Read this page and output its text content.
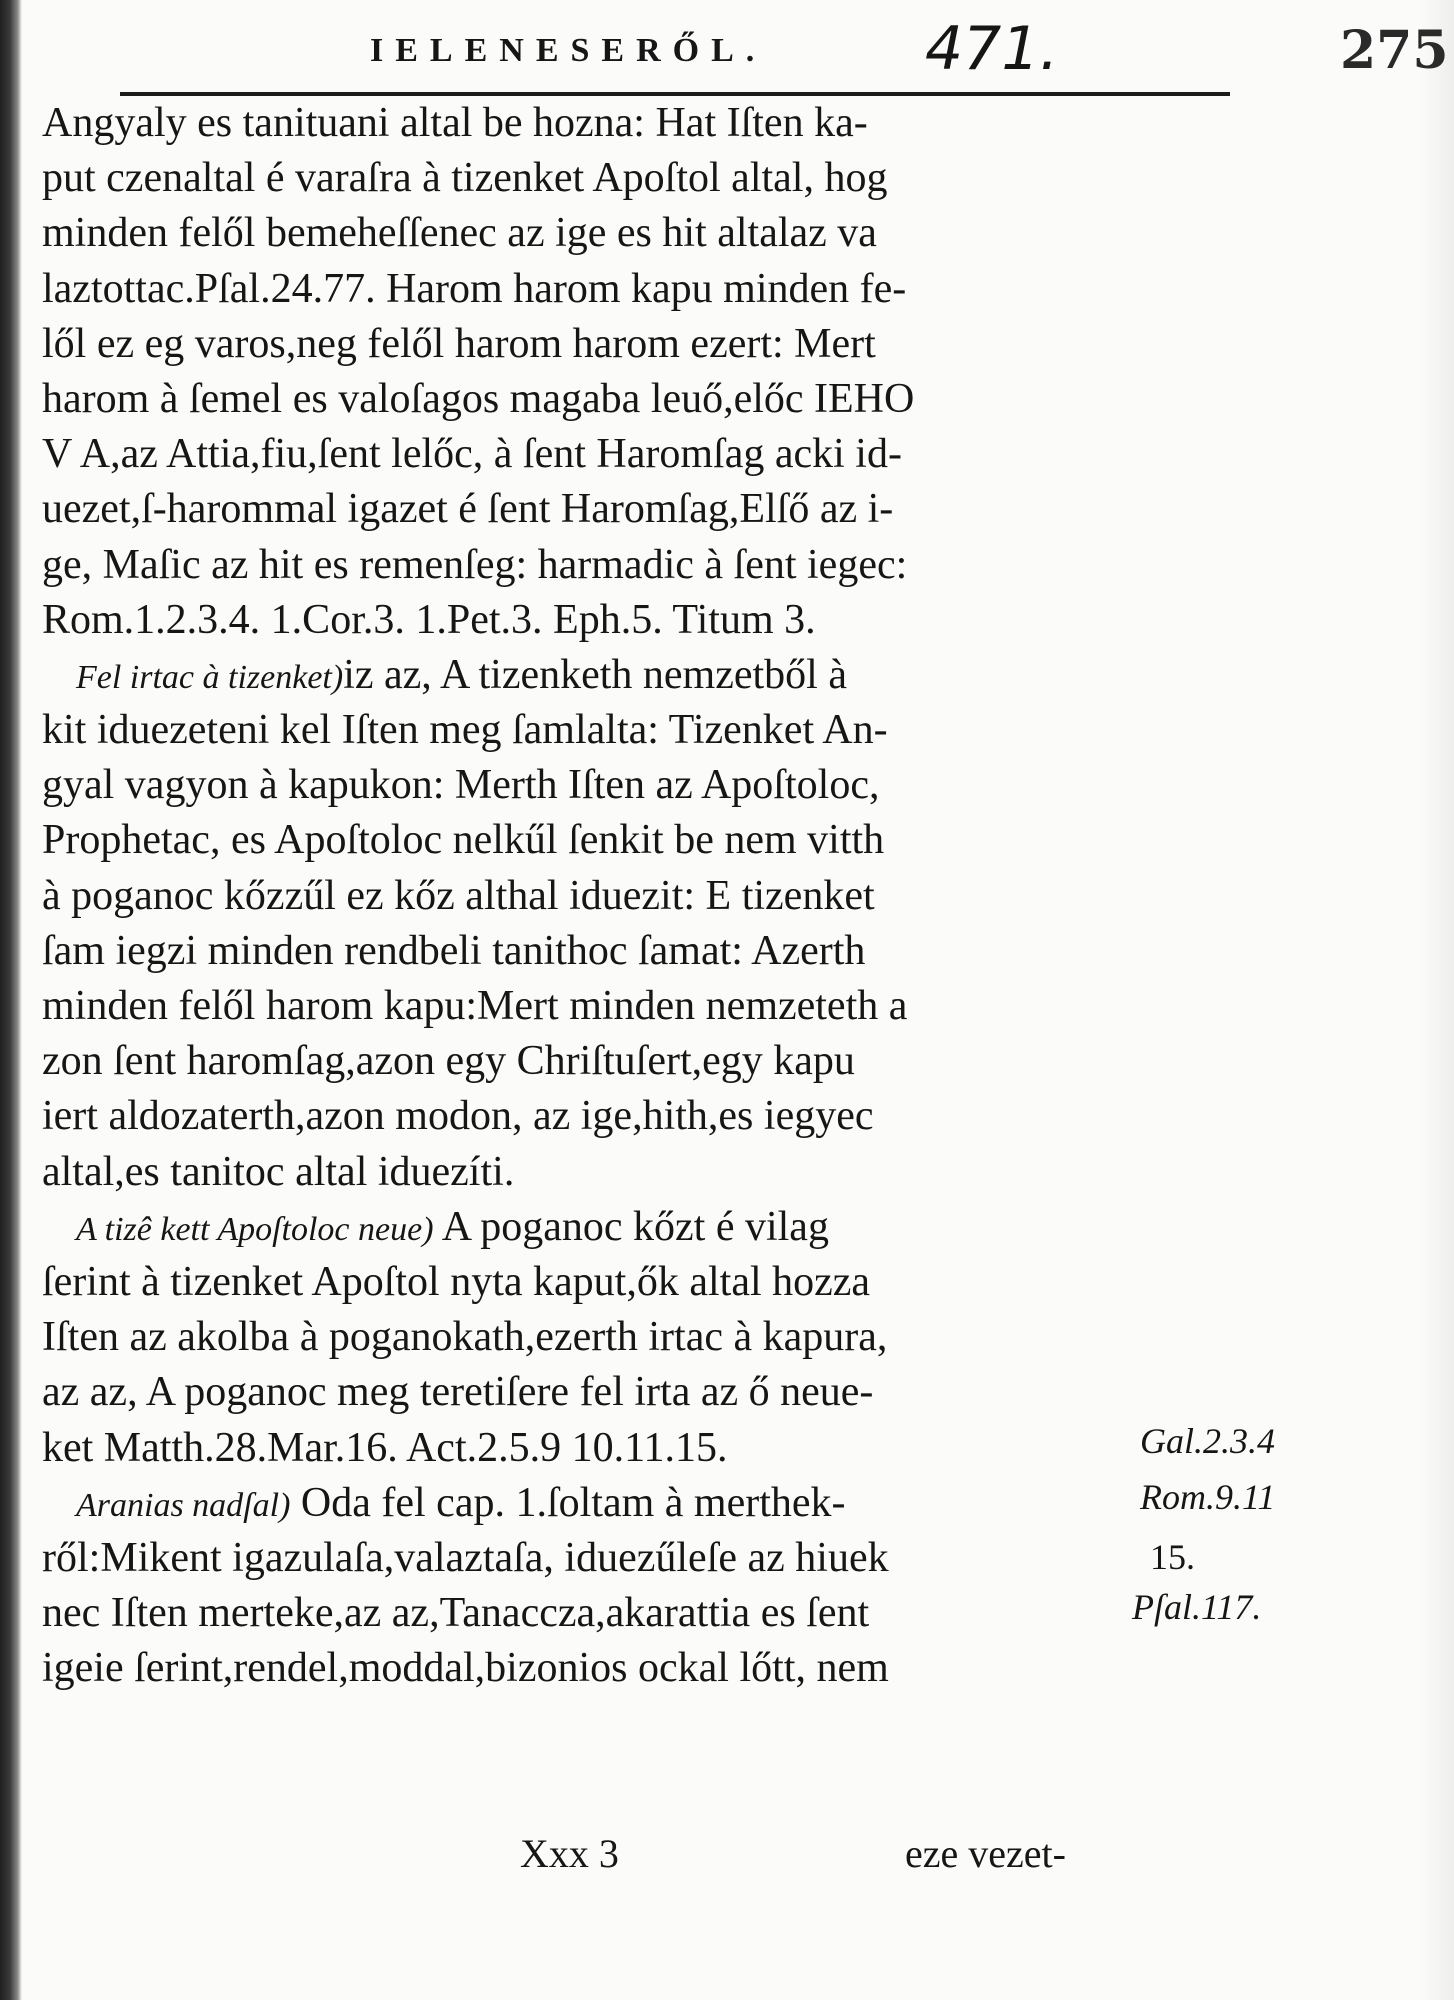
IELENESERŐL.	471.	275
Angyaly es tanituani altal be hozna: Hat Iſten ka-
put czenaltal é varaſra à tizenket Apoſtol altal, hog
minden felől bemeheſſenec az ige es hit altalaz va
laztottac.Pſal.24.77. Harom harom kapu minden fe-
lől ez eg varos,neg felől harom harom ezert: Mert
harom à ſemel es valoſagos magaba leuő,előc IEHO
V A,az Attia,fiu,ſent lelőc, à ſent Haromſag acki id-
uezet,ſ-harommal igazet é ſent Haromſag,Elſő az i-
ge, Maſic az hit es remenſeg: harmadic à ſent iegec:
Rom.1.2.3.4. 1.Cor.3. 1.Pet.3. Eph.5. Titum 3.
Fel irtac à tizenket)iz az, A tizenketh nemzetből à
kit iduezeteni kel Iſten meg ſamlalta: Tizenket An-
gyal vagyon à kapukon: Merth Iſten az Apoſtoloc,
Prophetac, es Apoſtoloc nelkűl ſenkit be nem vitth
à poganoc kőzzűl ez kőz althal iduezit: E tizenket
ſam iegzi minden rendbeli tanithoc ſamat: Azerth
minden felől harom kapu:Mert minden nemzeteth a
zon ſent haromſag,azon egy Chriſtuſert,egy kapu
iert aldozaterth,azon modon, az ige,hith,es iegyec
altal,es tanitoc altal iduezíti.
A tizê kett Apoſtoloc neue) A poganoc kőzt é vilag
ſerint à tizenket Apoſtol nyta kaput,ők altal hozza
Iſten az akolba à poganokath,ezerth irtac à kapura,
az az, A poganoc meg teretiſere fel irta az ő neue-
ket Matth.28.Mar.16. Act.2.5.9 10.11.15.
Aranias nadſal) Oda fel cap. 1.ſoltam à merthek-
ről:Mikent igazulaſa,valaztaſa, iduezűleſe az hiuek
nec Iſten merteke,az az,Tanaccza,akarattia es ſent
igeie ſerint,rendel,moddal,bizonios ockal lőtt, nem
Gal.2.3.4
Rom.9.11
15.
Pſal.117.
Xxx 3	eze vezet-
